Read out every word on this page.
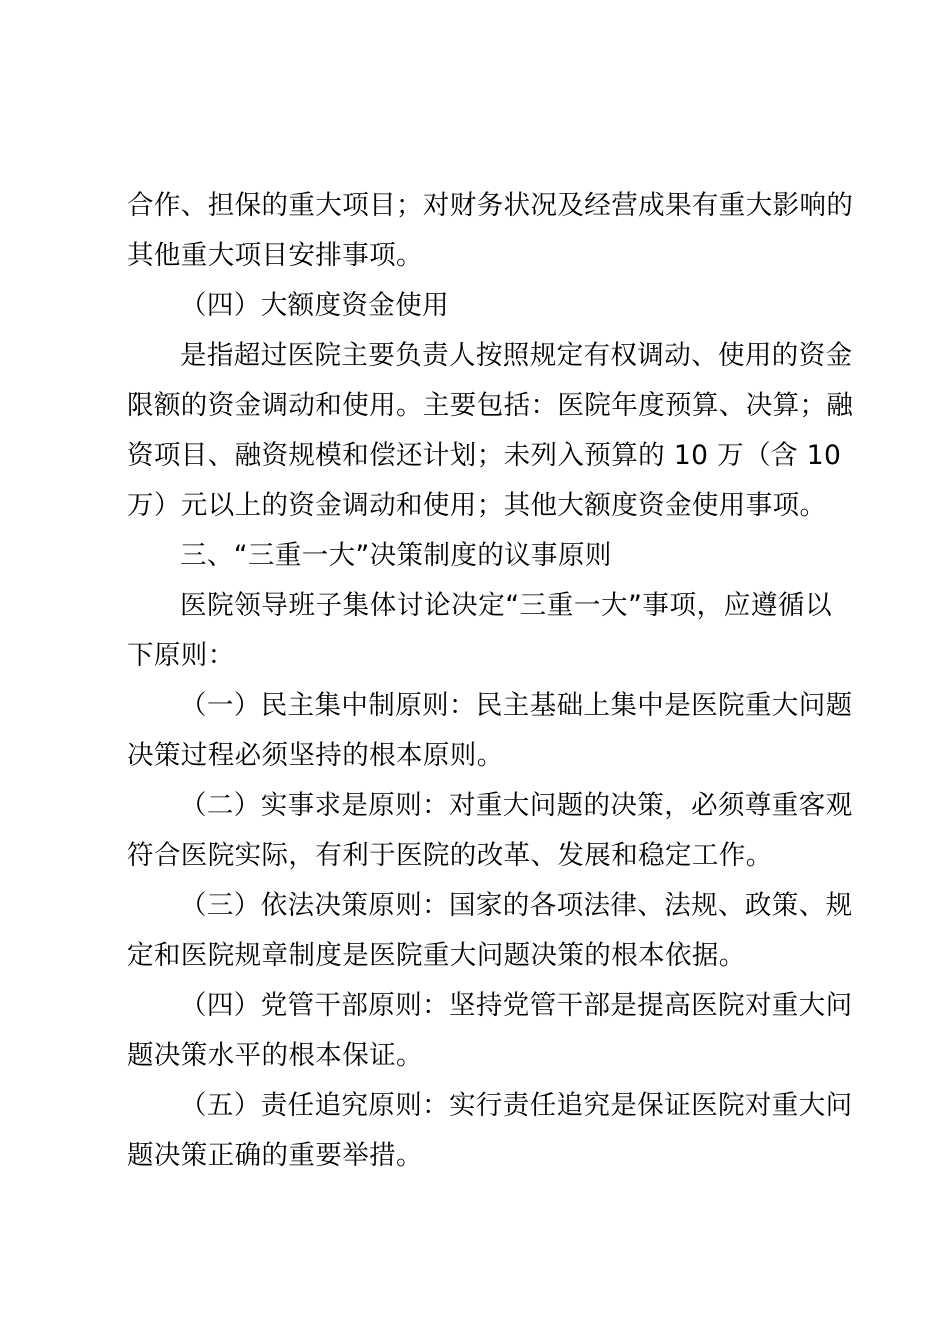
合作、担保的重大项目；对财务状况及经营成果有重大影响的
其他重大项目安排事项。
（四）大额度资金使用
是指超过医院主要负责人按照规定有权调动、使用的资金
限额的资金调动和使用。主要包括：医院年度预算、决算；融
资项目、融资规模和偿还计划；未列入预算的 10 万（含 10
万）元以上的资金调动和使用；其他大额度资金使用事项。
三、“三重一大”决策制度的议事原则
医院领导班子集体讨论决定“三重一大”事项，应遵循以
下原则：
（一）民主集中制原则：民主基础上集中是医院重大问题
决策过程必须坚持的根本原则。
（二）实事求是原则：对重大问题的决策，必须尊重客观
符合医院实际，有利于医院的改革、发展和稳定工作。
（三）依法决策原则：国家的各项法律、法规、政策、规
定和医院规章制度是医院重大问题决策的根本依据。
（四）党管干部原则：坚持党管干部是提高医院对重大问
题决策水平的根本保证。
（五）责任追究原则：实行责任追究是保证医院对重大问
题决策正确的重要举措。
